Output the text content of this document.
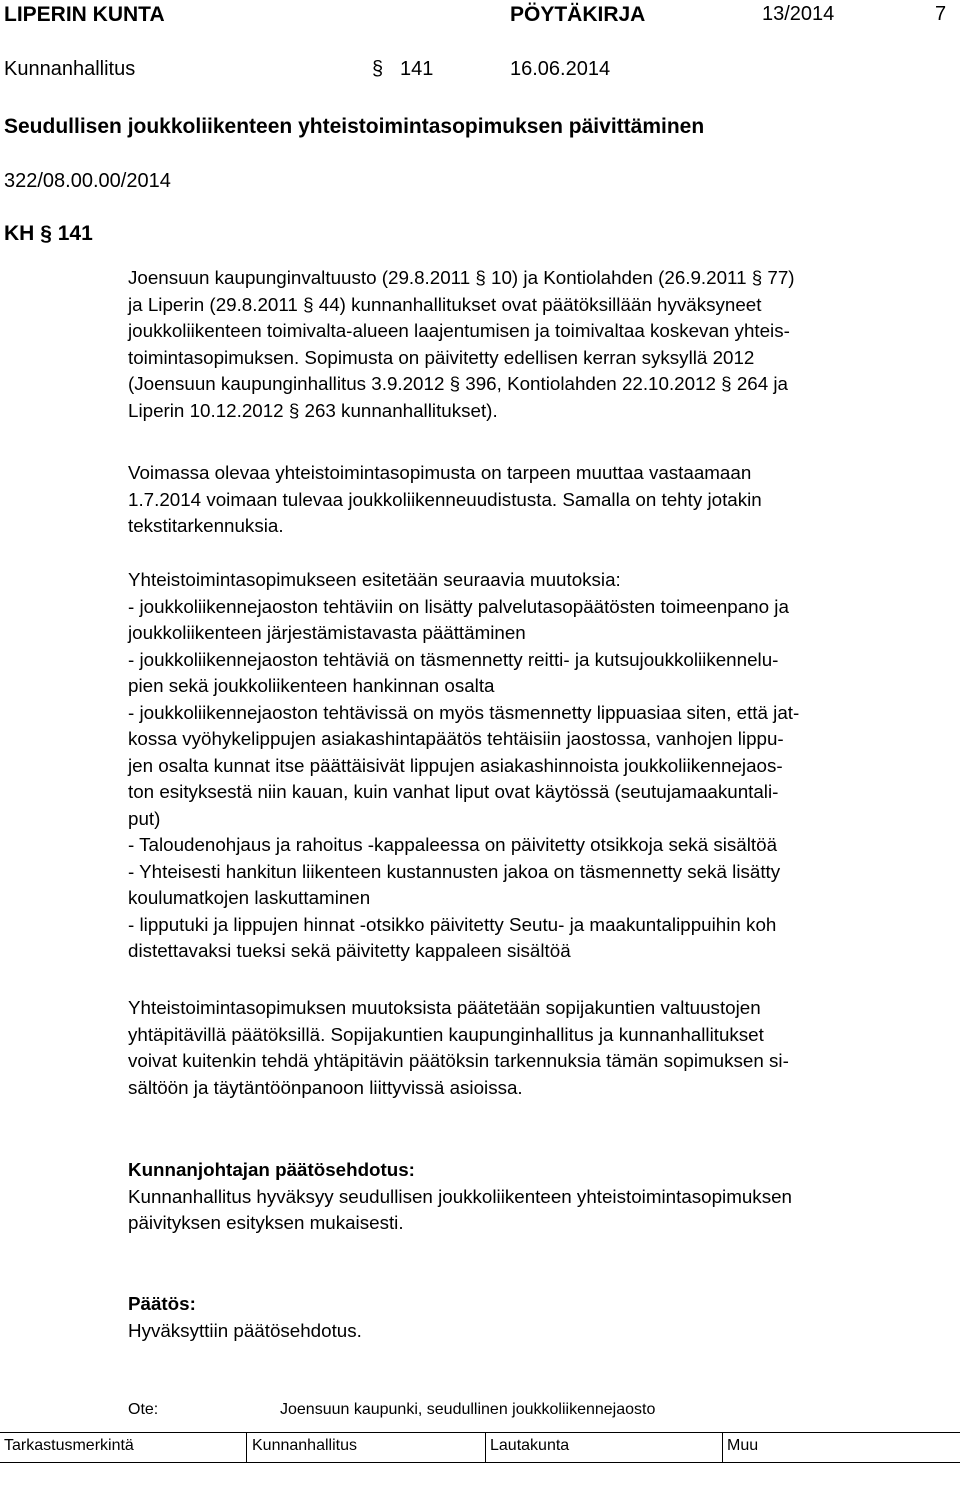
LIPERIN KUNTA	PÖYTÄKIRJA	13/2014	7
Kunnanhallitus	§ 141	16.06.2014
Seudullisen joukkoliikenteen yhteistoimintasopimuksen päivittäminen
322/08.00.00/2014
KH § 141
Joensuun kaupunginvaltuusto (29.8.2011 § 10) ja Kontiolahden (26.9.2011 § 77)
ja Liperin (29.8.2011 § 44) kunnanhallitukset ovat päätöksillään hyväksyneet
joukkoliikenteen toimivalta-alueen laajentumisen ja toimivaltaa koskevan yhteis-
toimintasopimuksen. Sopimusta on päivitetty edellisen kerran syksyllä 2012
(Joensuun kaupunginhallitus 3.9.2012 § 396, Kontiolahden 22.10.2012 § 264 ja
Liperin 10.12.2012 § 263 kunnanhallitukset).
Voimassa olevaa yhteistoimintasopimusta on tarpeen muuttaa vastaamaan
1.7.2014 voimaan tulevaa joukkoliikenneuudistusta. Samalla on tehty jotakin
tekstitarkennuksia.
Yhteistoimintasopimukseen esitetään seuraavia muutoksia:
- joukkoliikennejaoston tehtäviin on lisätty palvelutasopäätösten toimeenpano ja
joukkoliikenteen järjestämistavasta päättäminen
- joukkoliikennejaoston tehtäviä on täsmennetty reitti- ja kutsujoukkoliikennelu-
pien sekä joukkoliikenteen hankinnan osalta
- joukkoliikennejaoston tehtävissä on myös täsmennetty lippuasiaa siten, että jat-
kossa vyöhykelippujen asiakashintapäätös tehtäisiin jaostossa, vanhojen lippu-
jen osalta kunnat itse päättäisivät lippujen asiakashinnoista joukkoliikennejaos-
ton esityksestä niin kauan, kuin vanhat liput ovat käytössä (seutujamaakuntali-
put)
- Taloudenohjaus ja rahoitus -kappaleessa on päivitetty otsikkoja sekä sisältöä
- Yhteisesti hankitun liikenteen kustannusten jakoa on täsmennetty sekä lisätty
koulumatkojen laskuttaminen
- lipputuki ja lippujen hinnat -otsikko päivitetty Seutu- ja maakuntalippuihin koh
distettavaksi tueksi sekä päivitetty kappaleen sisältöä
Yhteistoimintasopimuksen muutoksista päätetään sopijakuntien valtuustojen
yhtäpitävillä päätöksillä. Sopijakuntien kaupunginhallitus ja kunnanhallitukset
voivat kuitenkin tehdä yhtäpitävin päätöksin tarkennuksia tämän sopimuksen si-
sältöön ja täytäntöönpanoon liittyvissä asioissa.
Kunnanjohtajan päätösehdotus:
Kunnanhallitus hyväksyy seudullisen joukkoliikenteen yhteistoimintasopimuksen
päivityksen esityksen mukaisesti.
Päätös:
Hyväksyttiin päätösehdotus.
Ote:	Joensuun kaupunki, seudullinen joukkoliikennejaosto
Tarkastusmerkintä	Kunnanhallitus	Lautakunta	Muu
